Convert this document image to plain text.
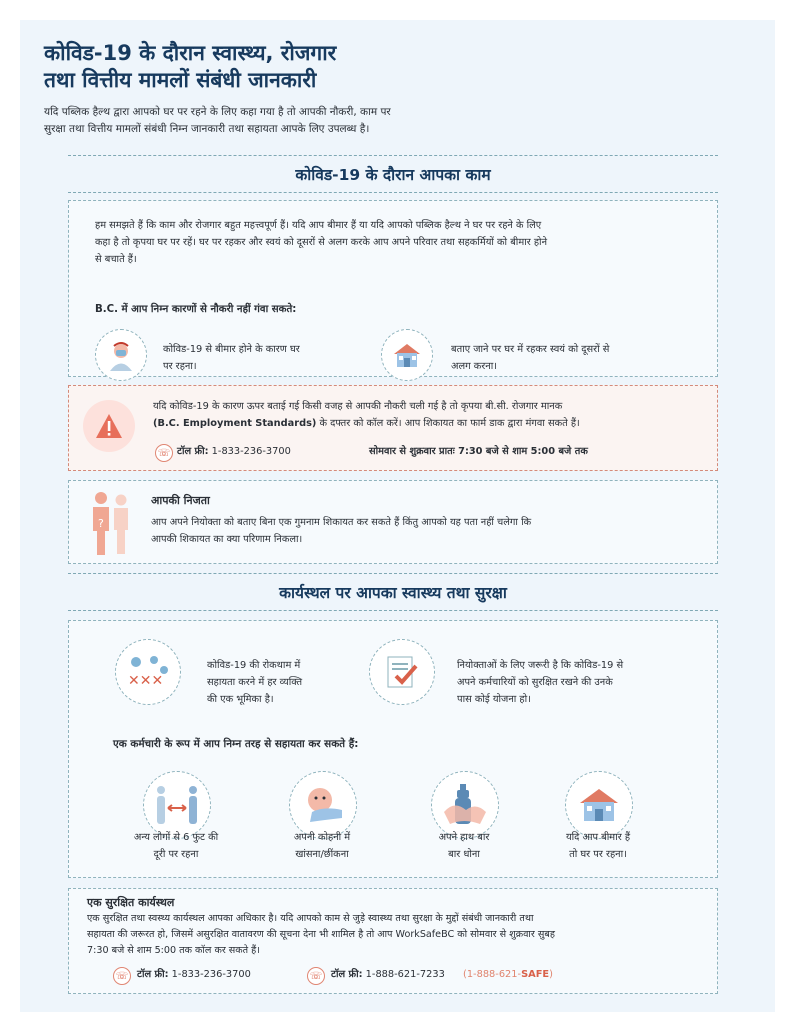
कोविड-19 के दौरान स्वास्थ्य, रोजगार
तथा वित्तीय मामलों संबंधी जानकारी
यदि पब्लिक हैल्थ द्वारा आपको घर पर रहने के लिए कहा गया है तो आपकी नौकरी, काम पर
सुरक्षा तथा वित्तीय मामलों संबंधी निम्न जानकारी तथा सहायता आपके लिए उपलब्ध है।
कोविड-19 के दौरान आपका काम
हम समझते हैं कि काम और रोजगार बहुत महत्त्वपूर्ण हैं। यदि आप बीमार हैं या यदि आपको पब्लिक हैल्थ ने घर पर रहने के लिए
कहा है तो कृपया घर पर रहें। घर पर रहकर और स्वयं को दूसरों से अलग करके आप अपने परिवार तथा सहकर्मियों को बीमार होने
से बचाते हैं।
B.C. में आप निम्न कारणों से नौकरी नहीं गंवा सकते:
कोविड-19 से बीमार होने के कारण घर
पर रहना।
बताए जाने पर घर में रहकर स्वयं को दूसरों से
अलग करना।
यदि कोविड-19 के कारण ऊपर बताई गई किसी वजह से आपकी नौकरी चली गई है तो कृपया बी.सी. रोजगार मानक
(B.C. Employment Standards) के दफ्तर को कॉल करें। आप शिकायत का फार्म डाक द्वारा मंगवा सकते हैं।
☏ टॉल फ्री: 1-833-236-3700	सोमवार से शुक्रवार प्रातः 7:30 बजे से शाम 5:00 बजे तक
?
आपकी निजता
आप अपने नियोक्ता को बताए बिना एक गुमनाम शिकायत कर सकते हैं किंतु आपको यह पता नहीं चलेगा कि
आपकी शिकायत का क्या परिणाम निकला।
कार्यस्थल पर आपका स्वास्थ्य तथा सुरक्षा
✕✕✕
कोविड-19 की रोकथाम में
सहायता करने में हर व्यक्ति
की एक भूमिका है।
नियोक्ताओं के लिए जरूरी है कि कोविड-19 से
अपने कर्मचारियों को सुरक्षित रखने की उनके
पास कोई योजना हो।
एक कर्मचारी के रूप में आप निम्न तरह से सहायता कर सकते हैं:
अन्य लोगों से 6 फुट की
दूरी पर रहना
अपनी कोहनी में
खांसना/छींकना
अपने हाथ बार
बार धोना
यदि आप बीमार हैं
तो घर पर रहना।
एक सुरक्षित कार्यस्थल
एक सुरक्षित तथा स्वस्थ्य कार्यस्थल आपका अधिकार है। यदि आपको काम से जुड़े स्वास्थ्य तथा सुरक्षा के मुद्दों संबंधी जानकारी तथा
सहायता की जरूरत हो, जिसमें असुरक्षित वातावरण की सूचना देना भी शामिल है तो आप WorkSafeBC को सोमवार से शुक्रवार सुबह
7:30 बजे से शाम 5:00 तक कॉल कर सकते हैं।
☏ टॉल फ्री: 1-833-236-3700	☏ टॉल फ्री: 1-888-621-7233 (1-888-621-SAFE)
